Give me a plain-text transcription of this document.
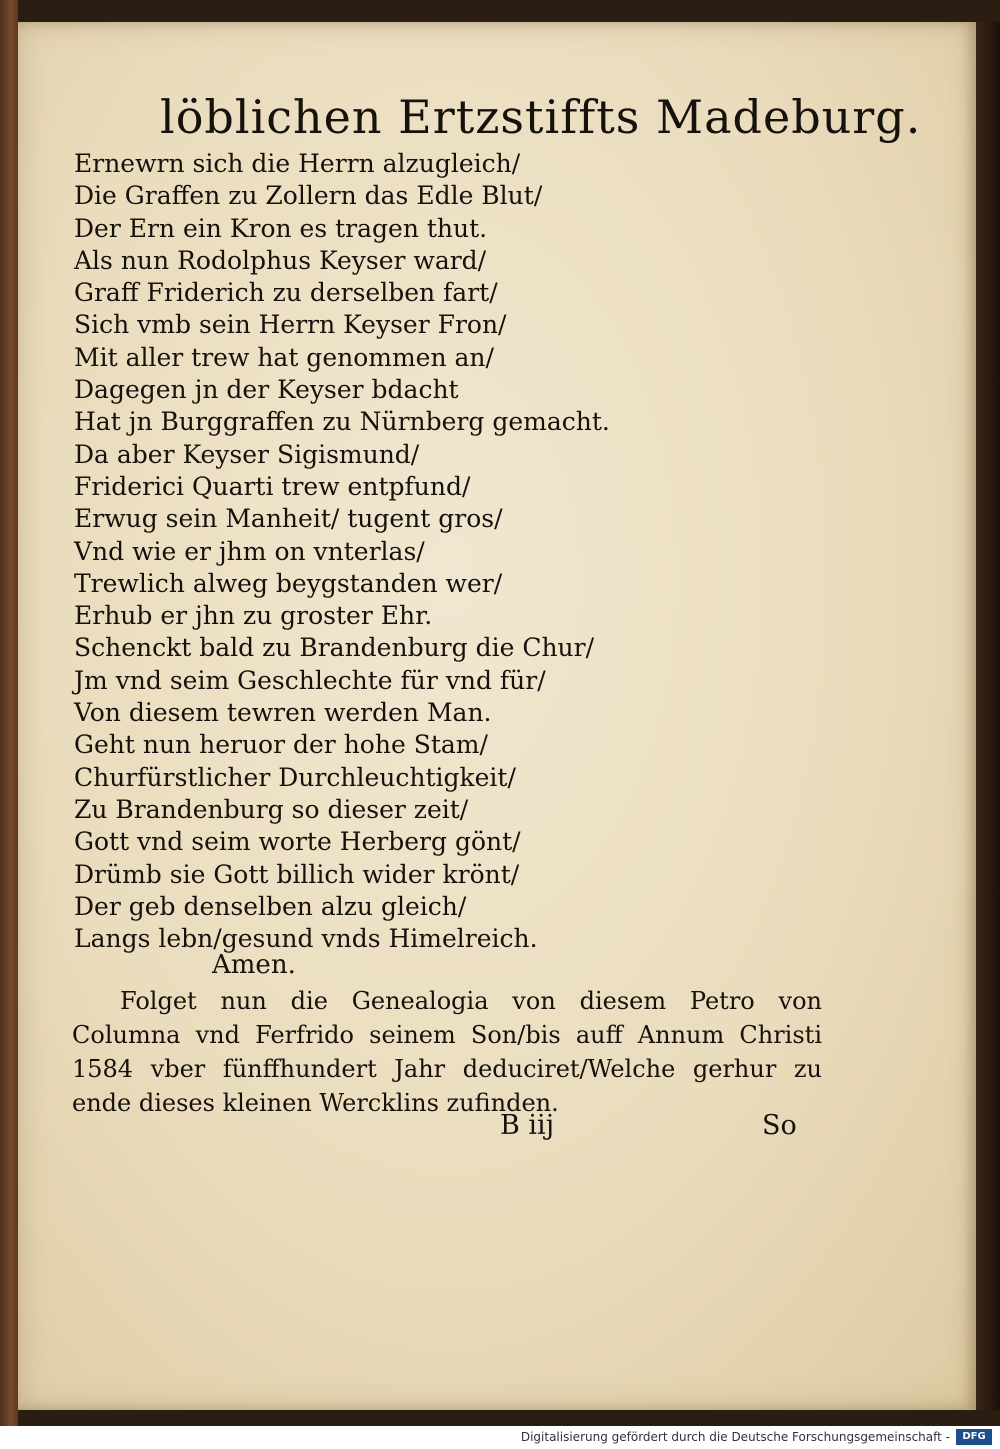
löblichen Ertzstiffts Madeburg.
Ernewrn sich die Herrn alzugleich/
Die Graffen zu Zollern das Edle Blut/
Der Ern ein Kron es tragen thut.
Als nun Rodolphus Keyser ward/
Graff Friderich zu derselben fart/
Sich vmb sein Herrn Keyser Fron/
Mit aller trew hat genommen an/
Dagegen jn der Keyser bdacht
Hat jn Burggraffen zu Nürnberg gemacht.
Da aber Keyser Sigismund/
Friderici Quarti trew entpfund/
Erwug sein Manheit/ tugent gros/
Vnd wie er jhm on vnterlas/
Trewlich alweg beygstanden wer/
Erhub er jhn zu groster Ehr.
Schenckt bald zu Brandenburg die Chur/
Jm vnd seim Geschlechte für vnd für/
Von diesem tewren werden Man.
Geht nun heruor der hohe Stam/
Churfürstlicher Durchleuchtigkeit/
Zu Brandenburg so dieser zeit/
Gott vnd seim worte Herberg gönt/
Drümb sie Gott billich wider krönt/
Der geb denselben alzu gleich/
Langs lebn/gesund vnds Himelreich.
Amen.

Folget nun die Genealogia von diesem Petro von Columna vnd Ferfrido seinem Son/bis auff Annum Christi 1584 vber fünffhundert Jahr deduciret/Welche gerhur zu ende dieses kleinen Wercklins zufinden.

B iij	So
Digitalisierung gefördert durch die Deutsche Forschungsgemeinschaft -	DFG
